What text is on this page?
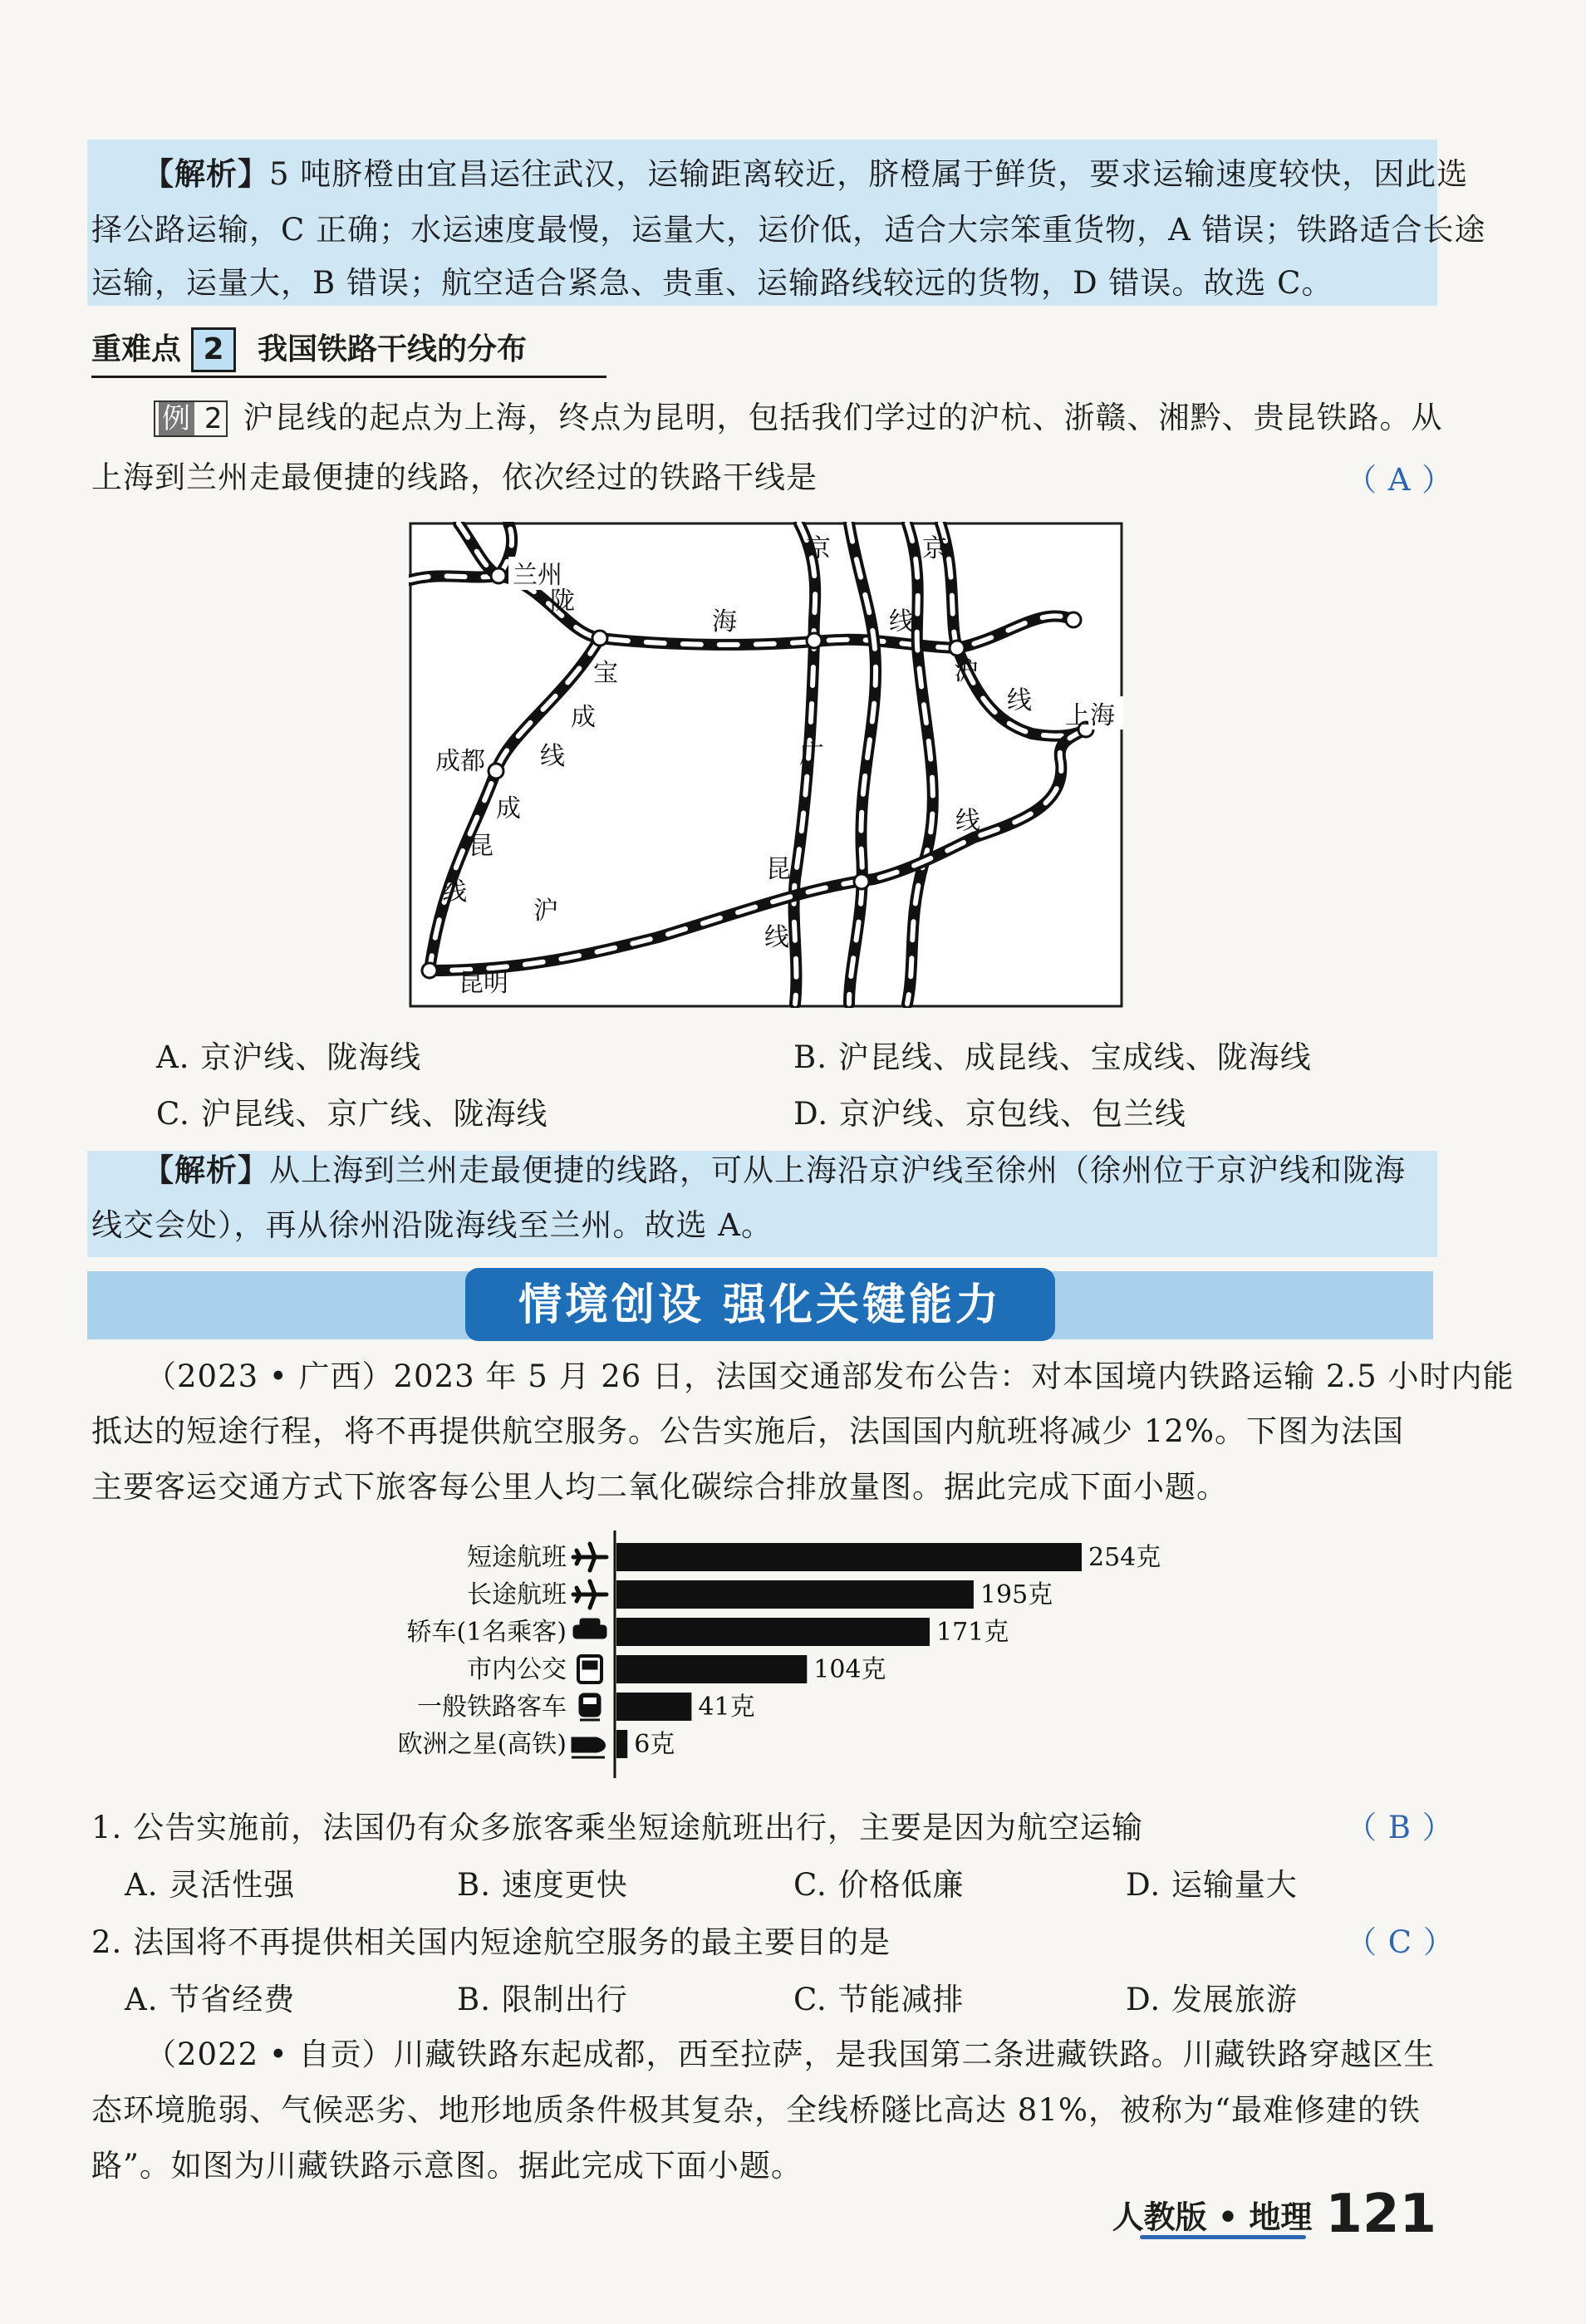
【解析】5 吨脐橙由宜昌运往武汉，运输距离较近，脐橙属于鲜货，要求运输速度较快，因此选
择公路运输，C 正确；水运速度最慢，运量大，运价低，适合大宗笨重货物，A 错误；铁路适合长途
运输，运量大，B 错误；航空适合紧急、贵重、运输路线较远的货物，D 错误。故选 C。
重难点 2 我国铁路干线的分布
例 2 沪昆线的起点为上海，终点为昆明，包括我们学过的沪杭、浙赣、湘黔、贵昆铁路。从
上海到兰州走最便捷的线路，依次经过的铁路干线是	（ A ）
兰州
上海
成都
昆明
陇
海
京	京
线
沪
线
宝
成
线	广
成
昆
线
沪
线
昆
线
A. 京沪线、陇海线	B. 沪昆线、成昆线、宝成线、陇海线
C. 沪昆线、京广线、陇海线	D. 京沪线、京包线、包兰线
【解析】从上海到兰州走最便捷的线路，可从上海沿京沪线至徐州（徐州位于京沪线和陇海
线交会处），再从徐州沿陇海线至兰州。故选 A。
情境创设 强化关键能力
（2023 • 广西）2023 年 5 月 26 日，法国交通部发布公告：对本国境内铁路运输 2.5 小时内能
抵达的短途行程，将不再提供航空服务。公告实施后，法国国内航班将减少 12%。下图为法国
主要客运交通方式下旅客每公里人均二氧化碳综合排放量图。据此完成下面小题。
254克
短途航班
195克
长途航班
171克
轿车(1名乘客)
104克
市内公交
41克
一般铁路客车
6克
欧洲之星(高铁)
1. 公告实施前，法国仍有众多旅客乘坐短途航班出行，主要是因为航空运输	（ B ）
A. 灵活性强	B. 速度更快	C. 价格低廉	D. 运输量大
2. 法国将不再提供相关国内短途航空服务的最主要目的是	（ C ）
A. 节省经费	B. 限制出行	C. 节能减排	D. 发展旅游
（2022 • 自贡）川藏铁路东起成都，西至拉萨，是我国第二条进藏铁路。川藏铁路穿越区生
态环境脆弱、气候恶劣、地形地质条件极其复杂，全线桥隧比高达 81%，被称为“最难修建的铁
路”。如图为川藏铁路示意图。据此完成下面小题。
人教版 • 地理 121
